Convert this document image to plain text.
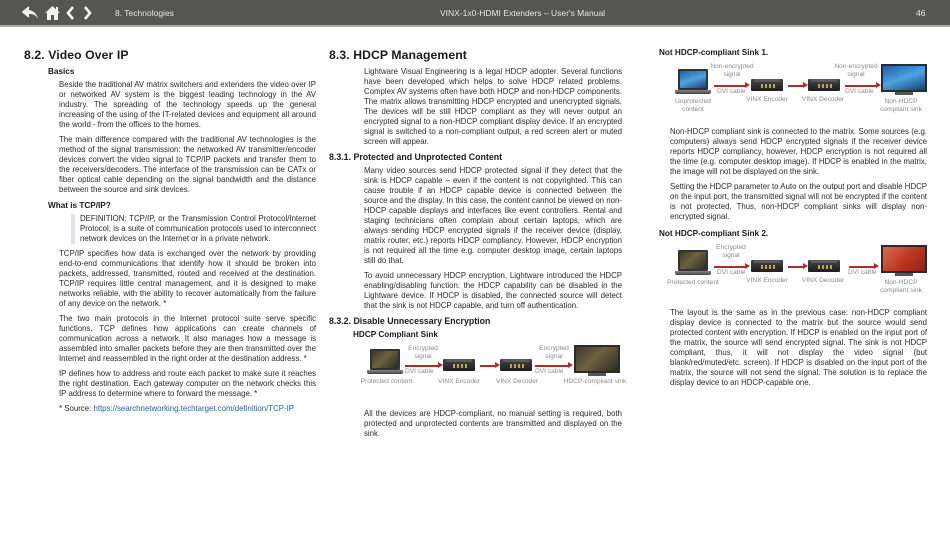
8. Technologies	VINX-1x0-HDMI Extenders – User's Manual	46
8.2. Video Over IP
Basics

Beside the traditional AV matrix switchers and extenders the video over IP or networked AV system is the biggest leading technology in the AV industry. The spreading of the technology speeds up the general increasing of the using of the IT-related devices and equipment all around the world - from the offices to the homes.

The main difference compared with the traditional AV technologies is the method of the signal transmission: the networked AV transmitter/encoder devices convert the video signal to TCP/IP packets and transfer them to the receivers/decoders. The interface of the transmission can be CATx or fiber optical cable depending on the signal bandwidth and the distance between the source and sink devices.

What is TCP/IP?

DEFINITION: TCP/IP, or the Transmission Control Protocol/Internet Protocol, is a suite of communication protocols used to interconnect network devices on the Internet or in a private network.

TCP/IP specifies how data is exchanged over the network by providing end-to-end communications that identify how it should be broken into packets, addressed, transmitted, routed and received at the destination. TCP/IP requires little central management, and it is designed to make networks reliable, with the ability to recover automatically from the failure of any device on the network. *

The two main protocols in the Internet protocol suite serve specific functions. TCP defines how applications can create channels of communication across a network. It also manages how a message is assembled into smaller packets before they are then transmitted over the Internet and reassembled in the right order at the destination address. *

IP defines how to address and route each packet to make sure it reaches the right destination. Each gateway computer on the network checks this IP address to determine where to forward the message. *

* Source: https://searchnetworking.techtarget.com/definition/TCP-IP

8.3. HDCP Management

Lightware Visual Engineering is a legal HDCP adopter. Several functions have been developed which helps to solve HDCP related problems. Complex AV systems often have both HDCP and non-HDCP components. The matrix allows transmitting HDCP encrypted and unencrypted signals. The devices will be still HDCP compliant as they will never output an encrypted signal to a non-HDCP compliant display device. If an encrypted signal is switched to a non-compliant output, a red screen alert or muted screen will appear.

8.3.1. Protected and Unprotected Content

Many video sources send HDCP protected signal if they detect that the sink is HDCP capable – even if the content is not copyrighted. This can cause trouble if an HDCP capable device is connected between the source and the display. In this case, the content cannot be viewed on non-HDCP capable displays and interfaces like event controllers. Rental and staging technicians often complain about certain laptops, which are always sending HDCP encrypted signals if the receiver device (display, matrix router, etc.) reports HDCP compliancy. However, HDCP encryption is not required all the time e.g. computer desktop image, certain laptops still do that.

To avoid unnecessary HDCP encryption, Lightware introduced the HDCP enabling/disabling function: the HDCP capability can be disabled in the Lightware device. If HDCP is disabled, the connected source will detect that the sink is not HDCP capable, and turn off authentication.

8.3.2. Disable Unnecessary Encryption
HDCP Compliant Sink
Protected content
Encrypted signal
DVI cable
VINX Encoder	VINX Decoder
Encrypted signal
DVI cable
HDCP-compliant sink

All the devices are HDCP-compliant, no manual setting is required, both protected and unprotected contents are transmitted and displayed on the sink.

Not HDCP-compliant Sink 1.
Unprotected content
Non-encrypted signal
DVI cable
VINX Encoder	VINX Decoder
Non-encrypted signal
DVI cable
Non-HDCP compliant sink

Non-HDCP compliant sink is connected to the matrix. Some sources (e.g. computers) always send HDCP encrypted signals if the receiver device reports HDCP compliancy, however, HDCP encryption is not required all the time (e.g. computer desktop image). If HDCP is enabled in the matrix, the image will not be displayed on the sink.

Setting the HDCP parameter to Auto on the output port and disable HDCP on the input port, the transmitted signal will not be encrypted if the content is not protected. Thus, non-HDCP compliant sinks will display non-encrypted signal.

Not HDCP-compliant Sink 2.
Protected content
Encrypted signal
DVI cable
VINX Encoder	VINX Decoder
DVI cable
Non-HDCP compliant sink

The layout is the same as in the previous case: non-HDCP compliant display device is connected to the matrix but the source would send protected content with encryption. If HDCP is enabled on the input port of the matrix, the source will send encrypted signal. The sink is not HDCP compliant, thus, it will not display the video signal (but blank/red/muted/etc. screen). If HDCP is disabled on the input port of the matrix, the source will not send the signal. The solution is to replace the display device to an HDCP-capable one.
